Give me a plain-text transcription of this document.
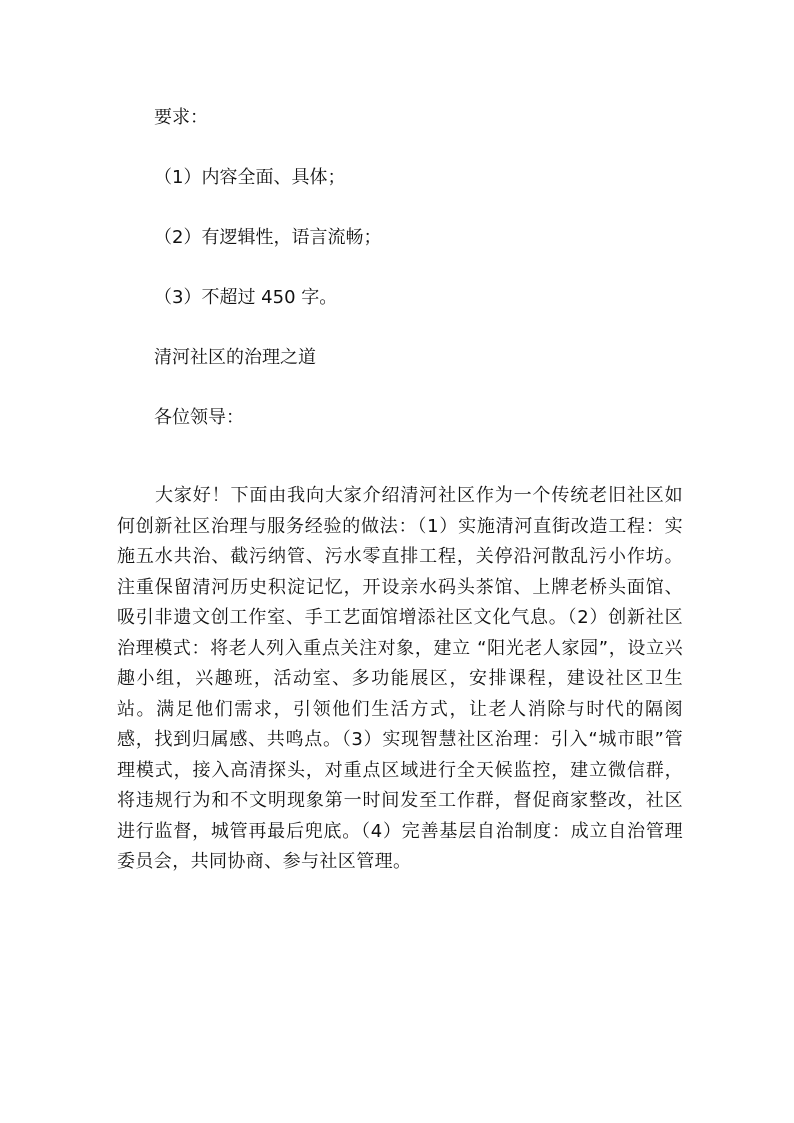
要求：
（1）内容全面、具体；
（2）有逻辑性，语言流畅；
（3）不超过 450 字。
清河社区的治理之道
各位领导：

大家好！下面由我向大家介绍清河社区作为一个传统老旧社区如何创新社区治理与服务经验的做法：（1）实施清河直街改造工程：实施五水共治、截污纳管、污水零直排工程，关停沿河散乱污小作坊。注重保留清河历史积淀记忆，开设亲水码头茶馆、上牌老桥头面馆、吸引非遗文创工作室、手工艺面馆增添社区文化气息。（2）创新社区治理模式：将老人列入重点关注对象，建立 “阳光老人家园”，设立兴趣小组，兴趣班，活动室、多功能展区，安排课程，建设社区卫生站。满足他们需求，引领他们生活方式，让老人消除与时代的隔阂感，找到归属感、共鸣点。（3）实现智慧社区治理：引入“城市眼”管理模式，接入高清探头，对重点区域进行全天候监控，建立微信群，将违规行为和不文明现象第一时间发至工作群，督促商家整改，社区进行监督，城管再最后兜底。（4）完善基层自治制度：成立自治管理委员会，共同协商、参与社区管理。
